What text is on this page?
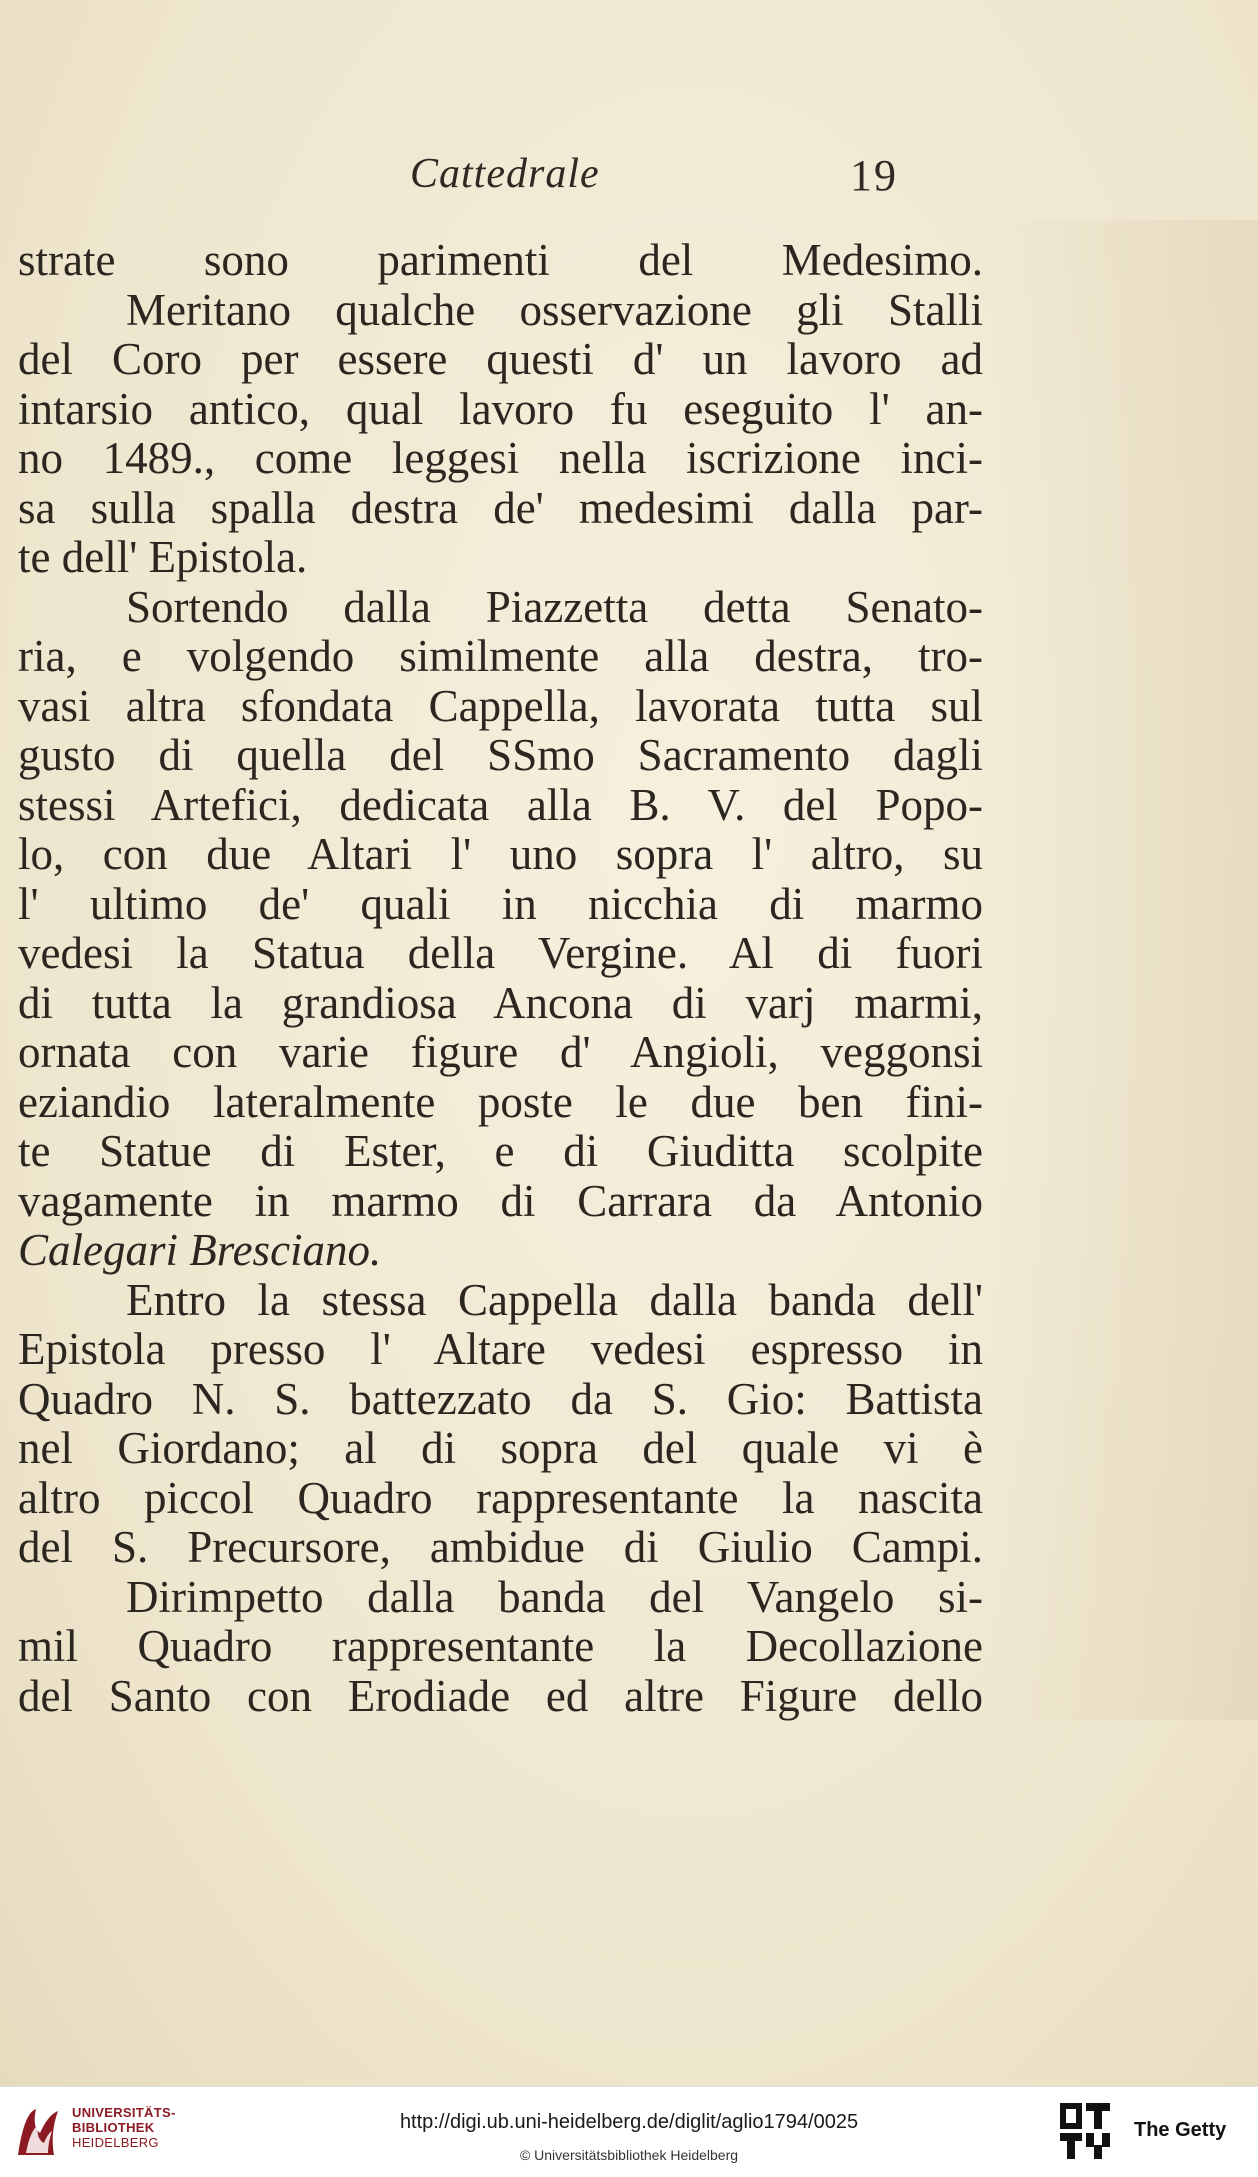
Cattedrale	19
strate sono parimenti del Medesimo.
Meritano qualche osservazione gli Stalli
del Coro per essere questi d' un lavoro ad
intarsio antico, qual lavoro fu eseguito l' an-
no 1489., come leggesi nella iscrizione inci-
sa sulla spalla destra de' medesimi dalla par-
te dell' Epistola.
Sortendo dalla Piazzetta detta Senato-
ria, e volgendo similmente alla destra, tro-
vasi altra sfondata Cappella, lavorata tutta sul
gusto di quella del SSmo Sacramento dagli
stessi Artefici, dedicata alla B. V. del Popo-
lo, con due Altari l' uno sopra l' altro, su
l' ultimo de' quali in nicchia di marmo
vedesi la Statua della Vergine. Al di fuori
di tutta la grandiosa Ancona di varj marmi,
ornata con varie figure d' Angioli, veggonsi
eziandio lateralmente poste le due ben fini-
te Statue di Ester, e di Giuditta scolpite
vagamente in marmo di Carrara da Antonio
Calegari Bresciano.
Entro la stessa Cappella dalla banda dell'
Epistola presso l' Altare vedesi espresso in
Quadro N. S. battezzato da S. Gio: Battista
nel Giordano; al di sopra del quale vi è
altro piccol Quadro rappresentante la nascita
del S. Precursore, ambidue di Giulio Campi.
Dirimpetto dalla banda del Vangelo si-
mil Quadro rappresentante la Decollazione
del Santo con Erodiade ed altre Figure dello
UNIVERSITÄTS-
BIBLIOTHEK
HEIDELBERG
http://digi.ub.uni-heidelberg.de/diglit/aglio1794/0025
© Universitätsbibliothek Heidelberg
The Getty
